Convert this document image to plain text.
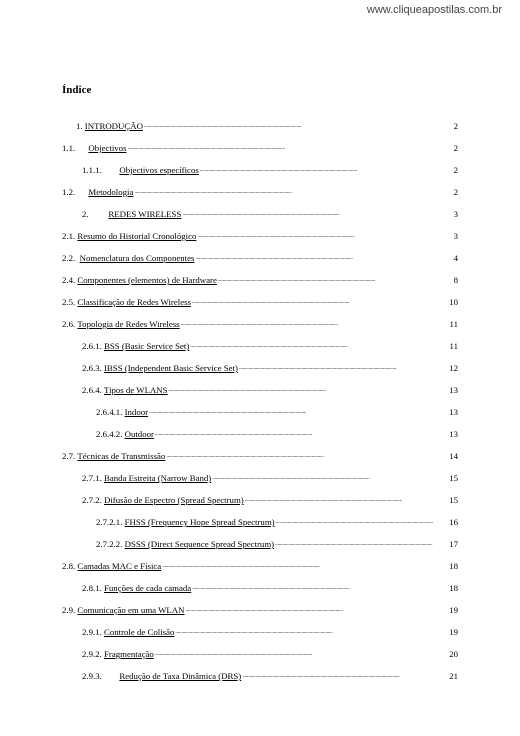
www.cliqueapostilas.com.br
Índice
1. INTRODUÇÃO . . .	2
1.1. Objectivos . . .	2
1.1.1. Objectivos específicos . . .	2
1.2. Metodologia . . .	2
2. REDES WIRELESS . . .	3
2.1. Resumo do Historial Cronológico . . .	3
2.2. Nomenclatura dos Componentes . . .	4
2.4. Componentes (elementos) de Hardware . . .	8
2.5. Classificação de Redes Wireless . . .	10
2.6. Topologia de Redes Wireless . . .	11
2.6.1. BSS (Basic Service Set) . . .	11
2.6.3. IBSS (Independent Basic Service Set) . . .	12
2.6.4. Tipos de WLANS . . .	13
2.6.4.1. Indoor . . .	13
2.6.4.2. Outdoor . . .	13
2.7. Técnicas de Transmissão . . .	14
2.7.1. Banda Estreita (Narrow Band) . . .	15
2.7.2. Difusão de Espectro (Spread Spectrum) . . .	15
2.7.2.1. FHSS (Frequency Hope Spread Spectrum) . . .	16
2.7.2.2. DSSS (Direct Sequence Spread Spectrum) . . .	17
2.8. Camadas MAC e Física . . .	18
2.8.1. Funções de cada camada . . .	18
2.9. Comunicação em uma WLAN . . .	19
2.9.1. Controle de Colisão . . .	19
2.9.2. Fragmentação . . .	20
2.9.3. Redução de Taxa Dinâmica (DRS) . . .	21
